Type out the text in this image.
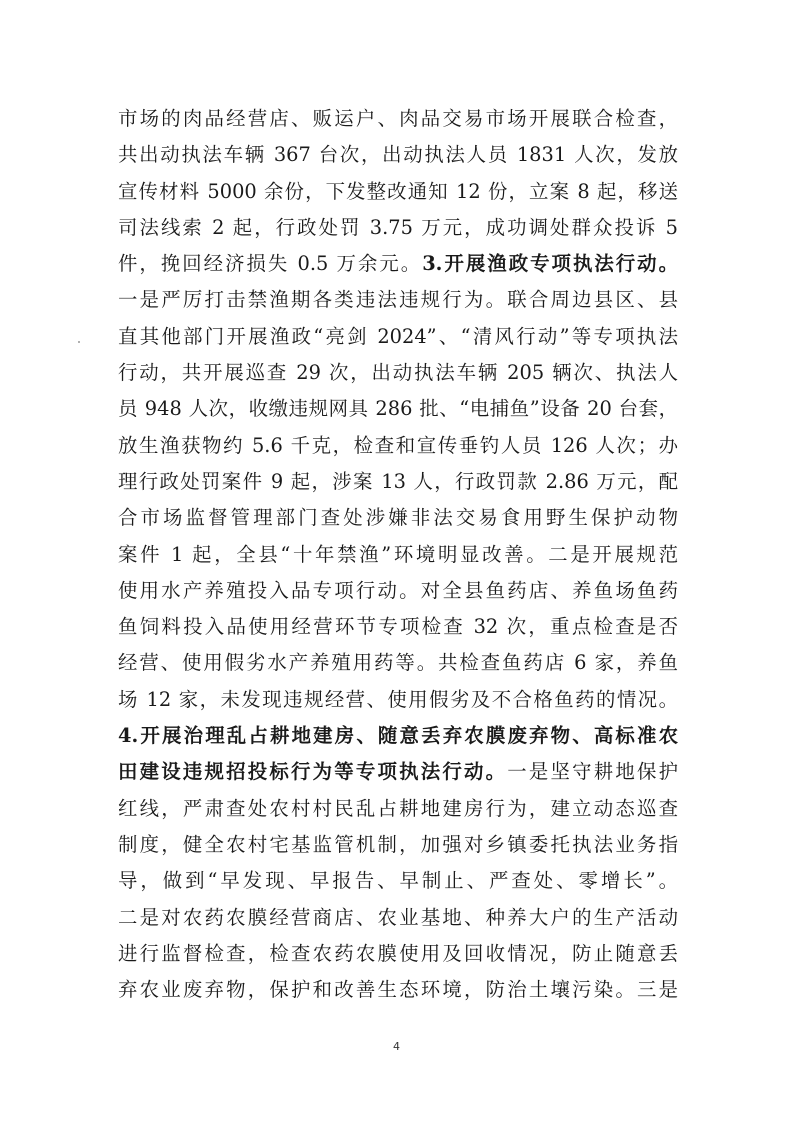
市场的肉品经营店、贩运户、肉品交易市场开展联合检查，
共出动执法车辆 367 台次，出动执法人员 1831 人次，发放
宣传材料 5000 余份，下发整改通知 12 份，立案 8 起，移送
司法线索 2 起，行政处罚 3.75 万元，成功调处群众投诉 5
件，挽回经济损失 0.5 万余元。3.开展渔政专项执法行动。
一是严厉打击禁渔期各类违法违规行为。联合周边县区、县
直其他部门开展渔政“亮剑 2024”、“清风行动”等专项执法
行动，共开展巡查 29 次，出动执法车辆 205 辆次、执法人
员 948 人次，收缴违规网具 286 批、“电捕鱼”设备 20 台套，
放生渔获物约 5.6 千克，检查和宣传垂钓人员 126 人次；办
理行政处罚案件 9 起，涉案 13 人，行政罚款 2.86 万元，配
合市场监督管理部门查处涉嫌非法交易食用野生保护动物
案件 1 起，全县“十年禁渔”环境明显改善。二是开展规范
使用水产养殖投入品专项行动。对全县鱼药店、养鱼场鱼药
鱼饲料投入品使用经营环节专项检查 32 次，重点检查是否
经营、使用假劣水产养殖用药等。共检查鱼药店 6 家，养鱼
场 12 家，未发现违规经营、使用假劣及不合格鱼药的情况。
4.开展治理乱占耕地建房、随意丢弃农膜废弃物、高标准农
田建设违规招投标行为等专项执法行动。一是坚守耕地保护
红线，严肃查处农村村民乱占耕地建房行为，建立动态巡查
制度，健全农村宅基监管机制，加强对乡镇委托执法业务指
导，做到“早发现、早报告、早制止、严查处、零增长”。
二是对农药农膜经营商店、农业基地、种养大户的生产活动
进行监督检查，检查农药农膜使用及回收情况，防止随意丢
弃农业废弃物，保护和改善生态环境，防治土壤污染。三是
4
